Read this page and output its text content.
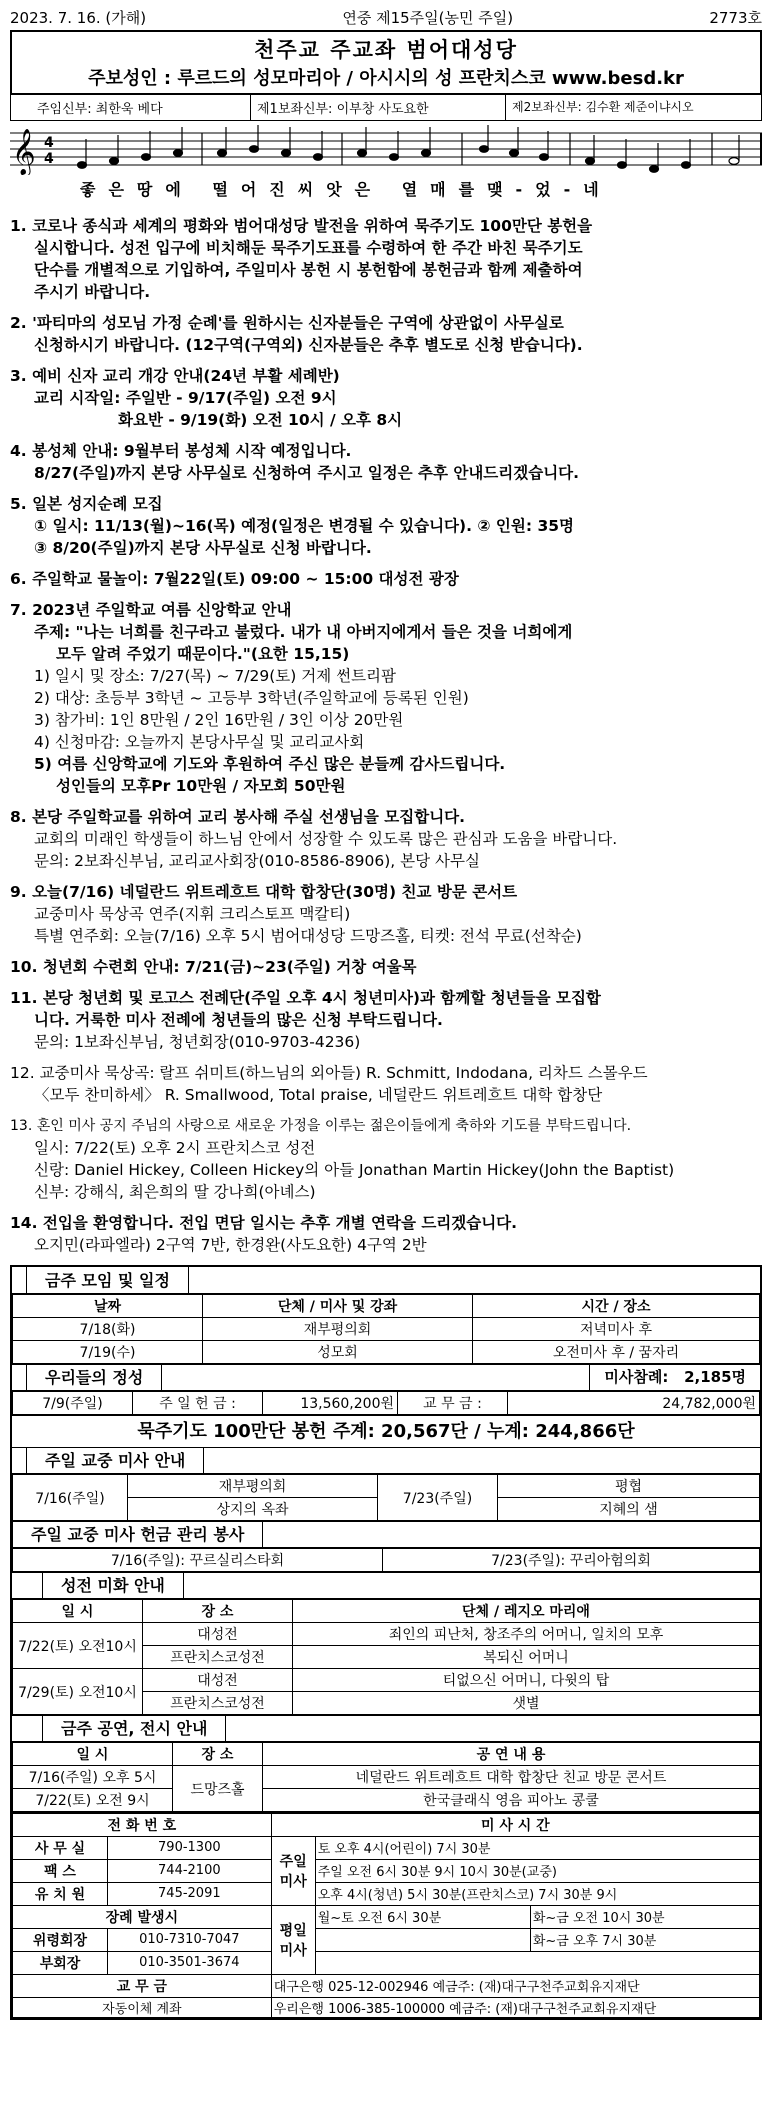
2023. 7. 16. (가해)	연중 제15주일(농민 주일)	2773호
천주교 주교좌 범어대성당
주보성인 : 루르드의 성모마리아 / 아시시의 성 프란치스코 www.besd.kr
주임신부: 최한욱 베다	제1보좌신부: 이부창 사도요한	제2보좌신부: 김수환 제준이냐시오
𝄞 4
4
좋은땅에 떨어진씨앗은 열매를맺-었-네
1. 코로나 종식과 세계의 평화와 범어대성당 발전을 위하여 묵주기도 100만단 봉헌을
실시합니다. 성전 입구에 비치해둔 묵주기도표를 수령하여 한 주간 바친 묵주기도
단수를 개별적으로 기입하여, 주일미사 봉헌 시 봉헌함에 봉헌금과 함께 제출하여
주시기 바랍니다.
2. '파티마의 성모님 가정 순례'를 원하시는 신자분들은 구역에 상관없이 사무실로
신청하시기 바랍니다. (12구역(구역외) 신자분들은 추후 별도로 신청 받습니다).
3. 예비 신자 교리 개강 안내(24년 부활 세례반)
교리 시작일: 주일반 - 9/17(주일) 오전 9시
화요반 - 9/19(화) 오전 10시 / 오후 8시
4. 봉성체 안내: 9월부터 봉성체 시작 예정입니다.
8/27(주일)까지 본당 사무실로 신청하여 주시고 일정은 추후 안내드리겠습니다.
5. 일본 성지순례 모집
① 일시: 11/13(월)~16(목) 예정(일정은 변경될 수 있습니다). ② 인원: 35명
③ 8/20(주일)까지 본당 사무실로 신청 바랍니다.
6. 주일학교 물놀이: 7월22일(토) 09:00 ~ 15:00 대성전 광장
7. 2023년 주일학교 여름 신앙학교 안내
주제: "나는 너희를 친구라고 불렀다. 내가 내 아버지에게서 들은 것을 너희에게
모두 알려 주었기 때문이다."(요한 15,15)
1) 일시 및 장소: 7/27(목) ~ 7/29(토) 거제 썬트리팜
2) 대상: 초등부 3학년 ~ 고등부 3학년(주일학교에 등록된 인원)
3) 참가비: 1인 8만원 / 2인 16만원 / 3인 이상 20만원
4) 신청마감: 오늘까지 본당사무실 및 교리교사회
5) 여름 신앙학교에 기도와 후원하여 주신 많은 분들께 감사드립니다.
성인들의 모후Pr 10만원 / 자모회 50만원
8. 본당 주일학교를 위하여 교리 봉사해 주실 선생님을 모집합니다.
교회의 미래인 학생들이 하느님 안에서 성장할 수 있도록 많은 관심과 도움을 바랍니다.
문의: 2보좌신부님, 교리교사회장(010-8586-8906), 본당 사무실
9. 오늘(7/16) 네덜란드 위트레흐트 대학 합창단(30명) 친교 방문 콘서트
교중미사 묵상곡 연주(지휘 크리스토프 맥칼티)
특별 연주회: 오늘(7/16) 오후 5시 범어대성당 드망즈홀, 티켓: 전석 무료(선착순)
10. 청년회 수련회 안내: 7/21(금)~23(주일) 거창 여울목
11. 본당 청년회 및 로고스 전례단(주일 오후 4시 청년미사)과 함께할 청년들을 모집합
니다. 거룩한 미사 전례에 청년들의 많은 신청 부탁드립니다.
문의: 1보좌신부님, 청년회장(010-9703-4236)
12. 교중미사 묵상곡: 랄프 쉬미트(하느님의 외아들) R. Schmitt, Indodana, 리차드 스몰우드
〈모두 찬미하세〉 R. Smallwood, Total praise, 네덜란드 위트레흐트 대학 합창단
13. 혼인 미사 공지 주님의 사랑으로 새로운 가정을 이루는 젊은이들에게 축하와 기도를 부탁드립니다.
일시: 7/22(토) 오후 2시 프란치스코 성전
신랑: Daniel Hickey, Colleen Hickey의 아들 Jonathan Martin Hickey(John the Baptist)
신부: 강해식, 최은희의 딸 강나희(아녜스)
14. 전입을 환영합니다. 전입 면담 일시는 추후 개별 연락을 드리겠습니다.
오지민(라파엘라) 2구역 7반, 한경완(사도요한) 4구역 2반
금주 모임 및 일정
날짜	단체 / 미사 및 강좌	시간 / 장소
7/18(화)	재부평의회	저녁미사 후
7/19(수)	성모회	오전미사 후 / 꿈자리
우리들의 정성	미사참례: 2,185명
7/9(주일)	주 일 헌 금 :	13,560,200원	교 무 금 :	24,782,000원
묵주기도 100만단 봉헌 주계: 20,567단 / 누계: 244,866단
주일 교중 미사 안내
7/16(주일)	재부평의회	7/23(주일)	평협
	상지의 옥좌		지혜의 샘
주일 교중 미사 헌금 관리 봉사
7/16(주일): 꾸르실리스타회	7/23(주일): 꾸리아험의회
성전 미화 안내
일 시	장 소	단체 / 레지오 마리애
7/22(토) 오전10시	대성전	죄인의 피난처, 창조주의 어머니, 일치의 모후
	프란치스코성전	복되신 어머니
7/29(토) 오전10시	대성전	티없으신 어머니, 다윗의 탑
	프란치스코성전	샛별
금주 공연, 전시 안내
일 시	장 소	공 연 내 용
7/16(주일) 오후 5시	드망즈홀	네덜란드 위트레흐트 대학 합창단 친교 방문 콘서트
7/22(토) 오전 9시		한국클래식 영음 피아노 콩쿨
전 화 번 호		미 사 시 간		
사 무 실	790-1300	주일미사	토 오후 4시(어린이) 7시 30분	
팩 스	744-2100		주일 오전 6시 30분 9시 10시 30분(교중)	
유 치 원	745-2091		오후 4시(청년) 5시 30분(프란치스코) 7시 30분 9시	
장례 발생시		평일미사	월~토 오전 6시 30분	화~금 오전 10시 30분
위령회장	010-7310-7047			화~금 오후 7시 30분
부회장	010-3501-3674			
교 무 금		대구은행 025-12-002946 예금주: (재)대구구천주교회유지재단		
자동이체 계좌		우리은행 1006-385-100000 예금주: (재)대구구천주교회유지재단		
